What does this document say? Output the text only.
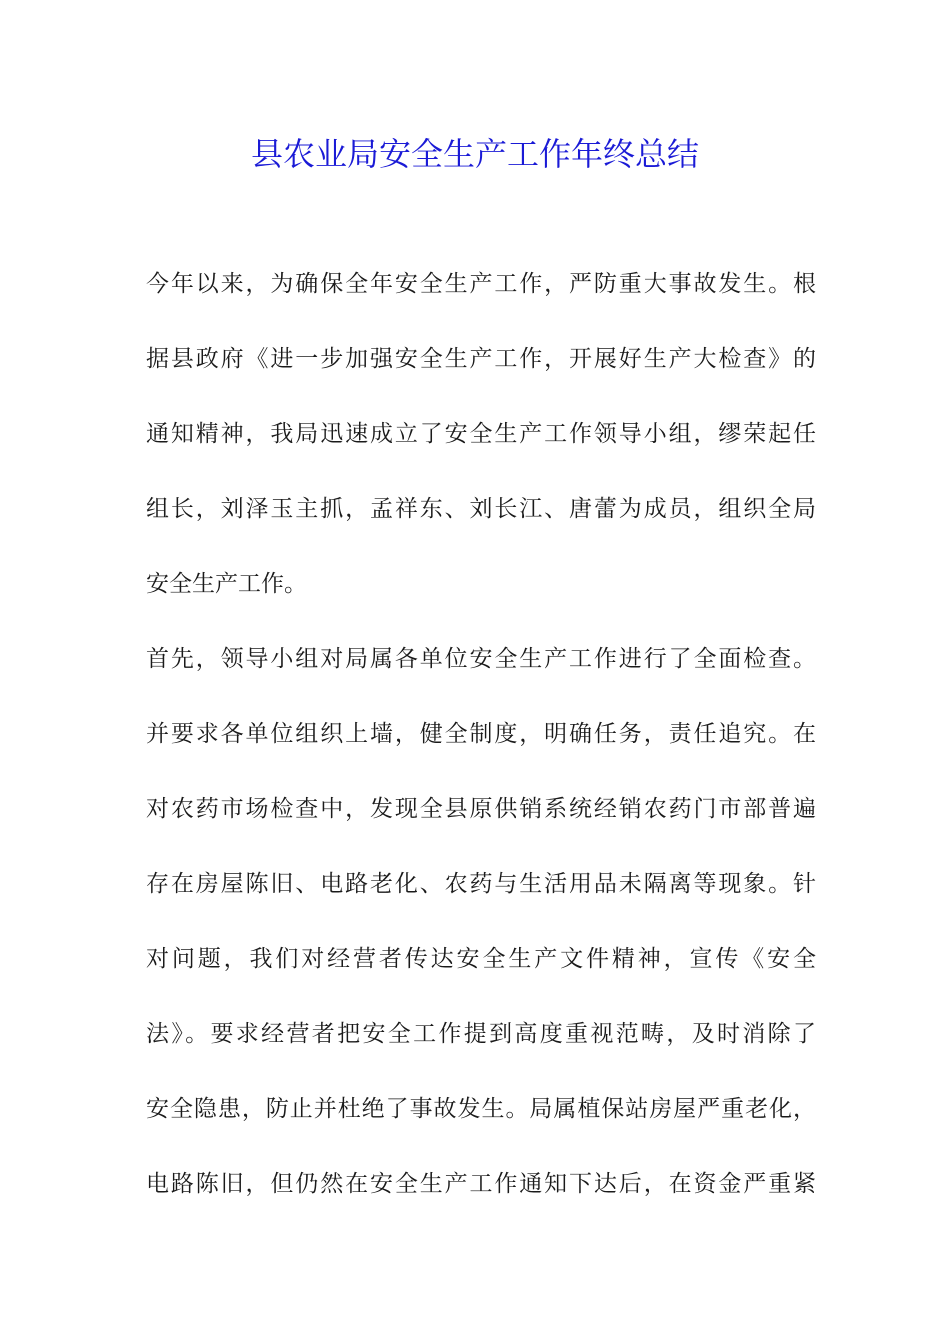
县农业局安全生产工作年终总结
今年以来，为确保全年安全生产工作，严防重大事故发生。根
据县政府《进一步加强安全生产工作，开展好生产大检查》的
通知精神，我局迅速成立了安全生产工作领导小组，缪荣起任
组长，刘泽玉主抓，孟祥东、刘长江、唐蕾为成员，组织全局
安全生产工作。
首先，领导小组对局属各单位安全生产工作进行了全面检查。
并要求各单位组织上墙，健全制度，明确任务，责任追究。在
对农药市场检查中，发现全县原供销系统经销农药门市部普遍
存在房屋陈旧、电路老化、农药与生活用品未隔离等现象。针
对问题，我们对经营者传达安全生产文件精神，宣传《安全
法》。要求经营者把安全工作提到高度重视范畴，及时消除了
安全隐患，防止并杜绝了事故发生。局属植保站房屋严重老化，
电路陈旧，但仍然在安全生产工作通知下达后，在资金严重紧
